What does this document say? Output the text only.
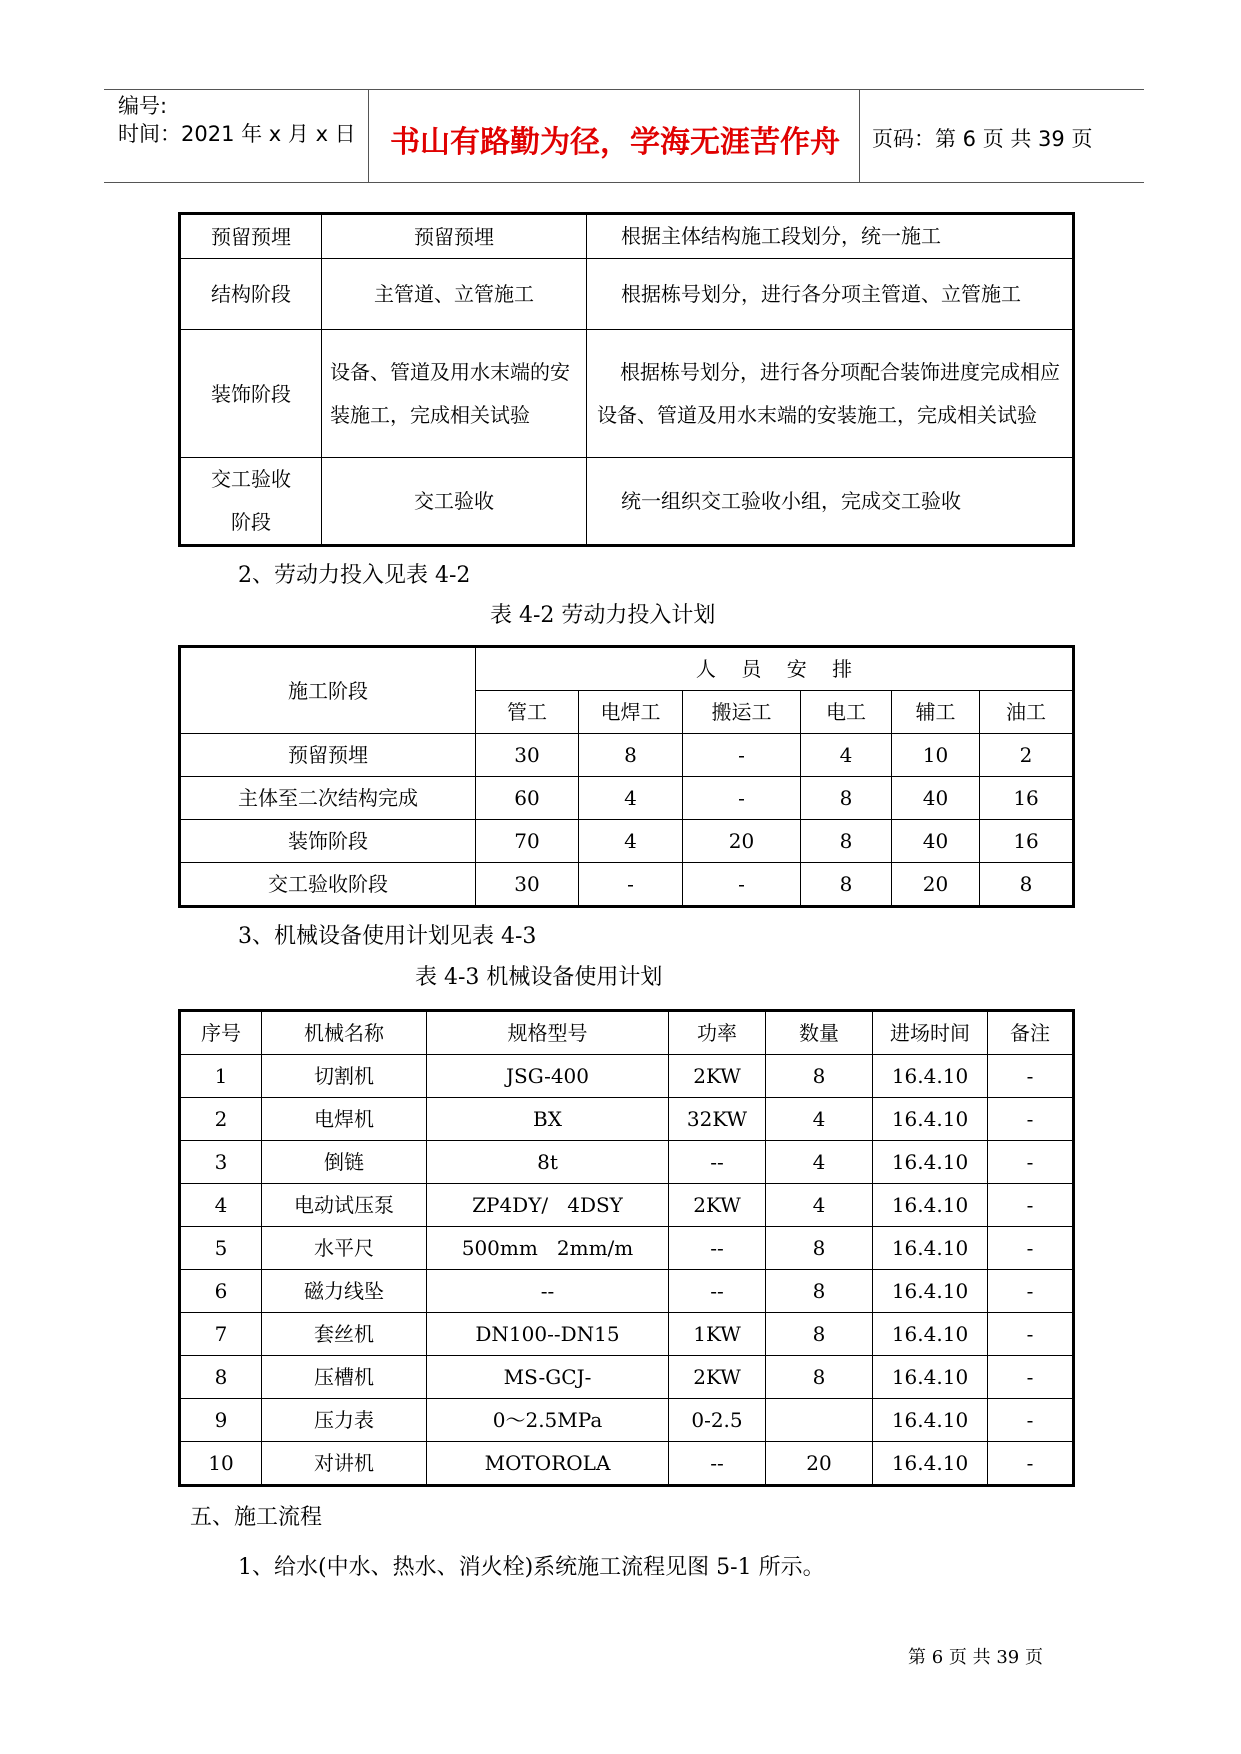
编号:
时间：2021 年 x 月 x 日	书山有路勤为径，学海无涯苦作舟	页码：第 6 页 共 39 页
预留预埋	预留预埋	根据主体结构施工段划分，统一施工
结构阶段	主管道、立管施工	根据栋号划分，进行各分项主管道、立管施工
装饰阶段	设备、管道及用水末端的安装施工，完成相关试验	根据栋号划分，进行各分项配合装饰进度完成相应设备、管道及用水末端的安装施工，完成相关试验
交工验收阶段	交工验收	统一组织交工验收小组，完成交工验收
2、劳动力投入见表 4-2
表 4-2 劳动力投入计划
施工阶段	人    员    安    排					
	管工	电焊工	搬运工	电工	辅工	油工
预留预埋	30	8	-	4	10	2
主体至二次结构完成	60	4	-	8	40	16
装饰阶段	70	4	20	8	40	16
交工验收阶段	30	-	-	8	20	8
3、机械设备使用计划见表 4-3
表 4-3 机械设备使用计划
序号	机械名称	规格型号	功率	数量	进场时间	备注
1	切割机	JSG-400	2KW	8	16.4.10	-
2	电焊机	BX	32KW	4	16.4.10	-
3	倒链	8t	--	4	16.4.10	-
4	电动试压泵	ZP4DY/   4DSY	2KW	4	16.4.10	-
5	水平尺	500mm   2mm/m	--	8	16.4.10	-
6	磁力线坠	--	--	8	16.4.10	-
7	套丝机	DN100--DN15	1KW	8	16.4.10	-
8	压槽机	MS-GCJ-	2KW	8	16.4.10	-
9	压力表	0～2.5MPa	0-2.5		16.4.10	-
10	对讲机	MOTOROLA	--	20	16.4.10	-
五、施工流程
1、给水(中水、热水、消火栓)系统施工流程见图 5-1 所示。
第 6 页 共 39 页
